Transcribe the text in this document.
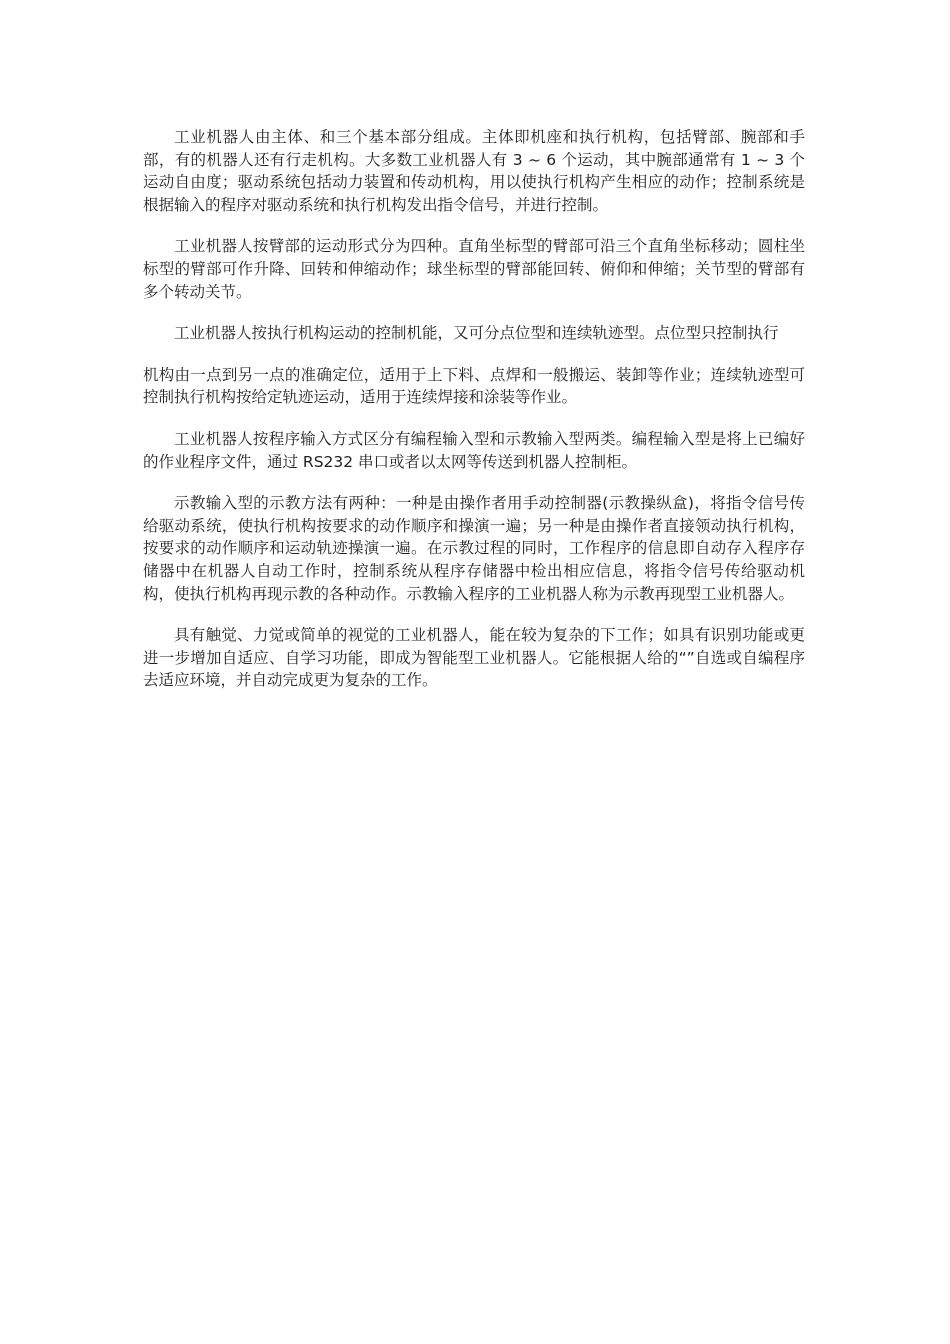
工业机器人由主体、和三个基本部分组成。主体即机座和执行机构，包括臂部、腕部和手部，有的机器人还有行走机构。大多数工业机器人有 3 ~ 6 个运动，其中腕部通常有 1 ~ 3 个运动自由度；驱动系统包括动力装置和传动机构，用以使执行机构产生相应的动作；控制系统是根据输入的程序对驱动系统和执行机构发出指令信号，并进行控制。

工业机器人按臂部的运动形式分为四种。直角坐标型的臂部可沿三个直角坐标移动；圆柱坐标型的臂部可作升降、回转和伸缩动作；球坐标型的臂部能回转、俯仰和伸缩；关节型的臂部有多个转动关节。

工业机器人按执行机构运动的控制机能，又可分点位型和连续轨迹型。点位型只控制执行

机构由一点到另一点的准确定位，适用于上下料、点焊和一般搬运、装卸等作业；连续轨迹型可控制执行机构按给定轨迹运动，适用于连续焊接和涂装等作业。

工业机器人按程序输入方式区分有编程输入型和示教输入型两类。编程输入型是将上已编好的作业程序文件，通过 RS232 串口或者以太网等传送到机器人控制柜。

示教输入型的示教方法有两种：一种是由操作者用手动控制器(示教操纵盒)，将指令信号传给驱动系统，使执行机构按要求的动作顺序和操演一遍；另一种是由操作者直接领动执行机构，按要求的动作顺序和运动轨迹操演一遍。在示教过程的同时，工作程序的信息即自动存入程序存储器中在机器人自动工作时，控制系统从程序存储器中检出相应信息，将指令信号传给驱动机构，使执行机构再现示教的各种动作。示教输入程序的工业机器人称为示教再现型工业机器人。

具有触觉、力觉或简单的视觉的工业机器人，能在较为复杂的下工作；如具有识别功能或更进一步增加自适应、自学习功能，即成为智能型工业机器人。它能根据人给的“”自选或自编程序去适应环境，并自动完成更为复杂的工作。
